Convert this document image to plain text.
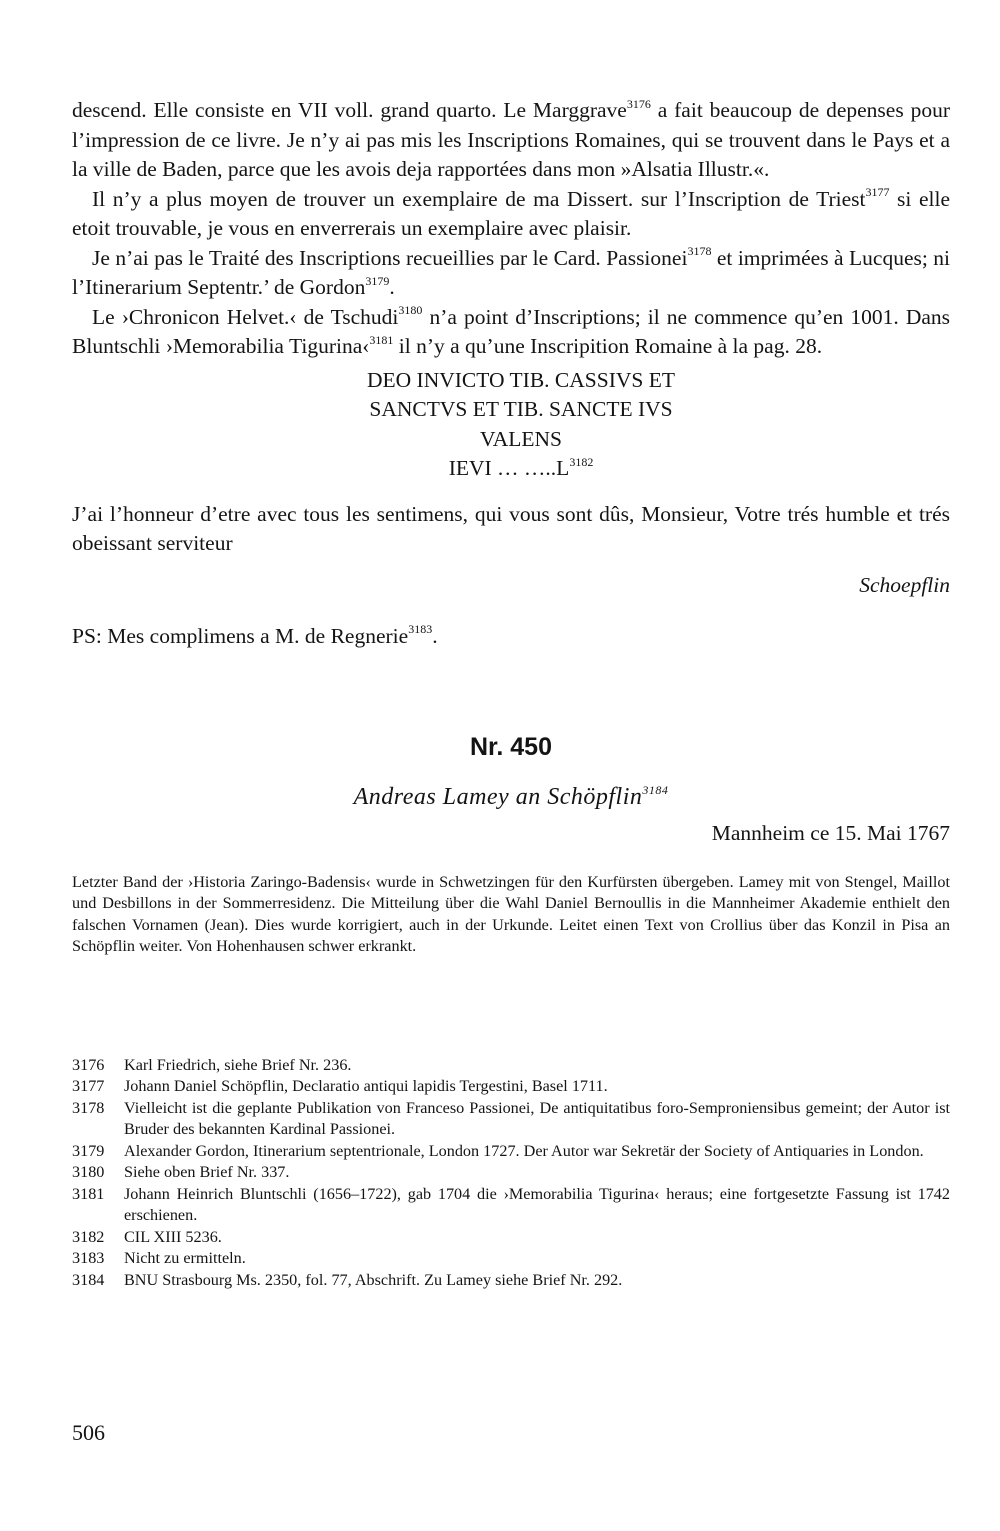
descend. Elle consiste en VII voll. grand quarto. Le Marggrave$^{3176}$ a fait beaucoup de depenses pour l’impression de ce livre. Je n’y ai pas mis les Inscriptions Romaines, qui se trouvent dans le Pays et a la ville de Baden, parce que les avois deja rapportées dans mon »Alsatia Illustr.«.

Il n’y a plus moyen de trouver un exemplaire de ma Dissert. sur l’Inscription de Triest$^{3177}$ si elle etoit trouvable, je vous en enverrerais un exemplaire avec plaisir.

Je n’ai pas le Traité des Inscriptions recueillies par le Card. Passionei$^{3178}$ et imprimées à Lucques; ni l’Itinerarium Septentr.’ de Gordon$^{3179}$.

Le ›Chronicon Helvet.‹ de Tschudi$^{3180}$ n’a point d’Inscriptions; il ne commence qu’en 1001. Dans Bluntschli ›Memorabilia Tigurina‹$^{3181}$ il n’y a qu’une Inscripition Romaine à la pag. 28.

DEO INVICTO TIB. CASSIVS ET
SANCTVS ET TIB. SANCTE IVS
VALENS
IEVI … $\dots..L^{3182}$

J’ai l’honneur d’etre avec tous les sentimens, qui vous sont dûs, Monsieur, Votre trés humble et trés obeissant serviteur

Schoepflin

PS: Mes complimens a M. de Regnerie$^{3183}$.

Nr. 450
Andreas Lamey an Schöpflin$^{3184}$
Mannheim ce 15. Mai 1767

Letzter Band der ›Historia Zaringo-Badensis‹ wurde in Schwetzingen für den Kurfürsten übergeben. Lamey mit von Stengel, Maillot und Desbillons in der Sommerresidenz. Die Mitteilung über die Wahl Daniel Bernoullis in die Mannheimer Akademie enthielt den falschen Vornamen (Jean). Dies wurde korrigiert, auch in der Urkunde. Leitet einen Text von Crollius über das Konzil in Pisa an Schöpflin weiter. Von Hohenhausen schwer erkrankt.

3176	Karl Friedrich, siehe Brief Nr. 236.
3177	Johann Daniel Schöpflin, Declaratio antiqui lapidis Tergestini, Basel 1711.
3178	Vielleicht ist die geplante Publikation von Franceso Passionei, De antiquitatibus foro-Semproniensibus gemeint; der Autor ist Bruder des bekannten Kardinal Passionei.
3179	Alexander Gordon, Itinerarium septentrionale, London 1727. Der Autor war Sekretär der Society of Antiquaries in London.
3180	Siehe oben Brief Nr. 337.
3181	Johann Heinrich Bluntschli (1656–1722), gab 1704 die ›Memorabilia Tigurina‹ heraus; eine fortgesetzte Fassung ist 1742 erschienen.
3182	CIL XIII 5236.
3183	Nicht zu ermitteln.
3184	BNU Strasbourg Ms. 2350, fol. 77, Abschrift. Zu Lamey siehe Brief Nr. 292.
506
